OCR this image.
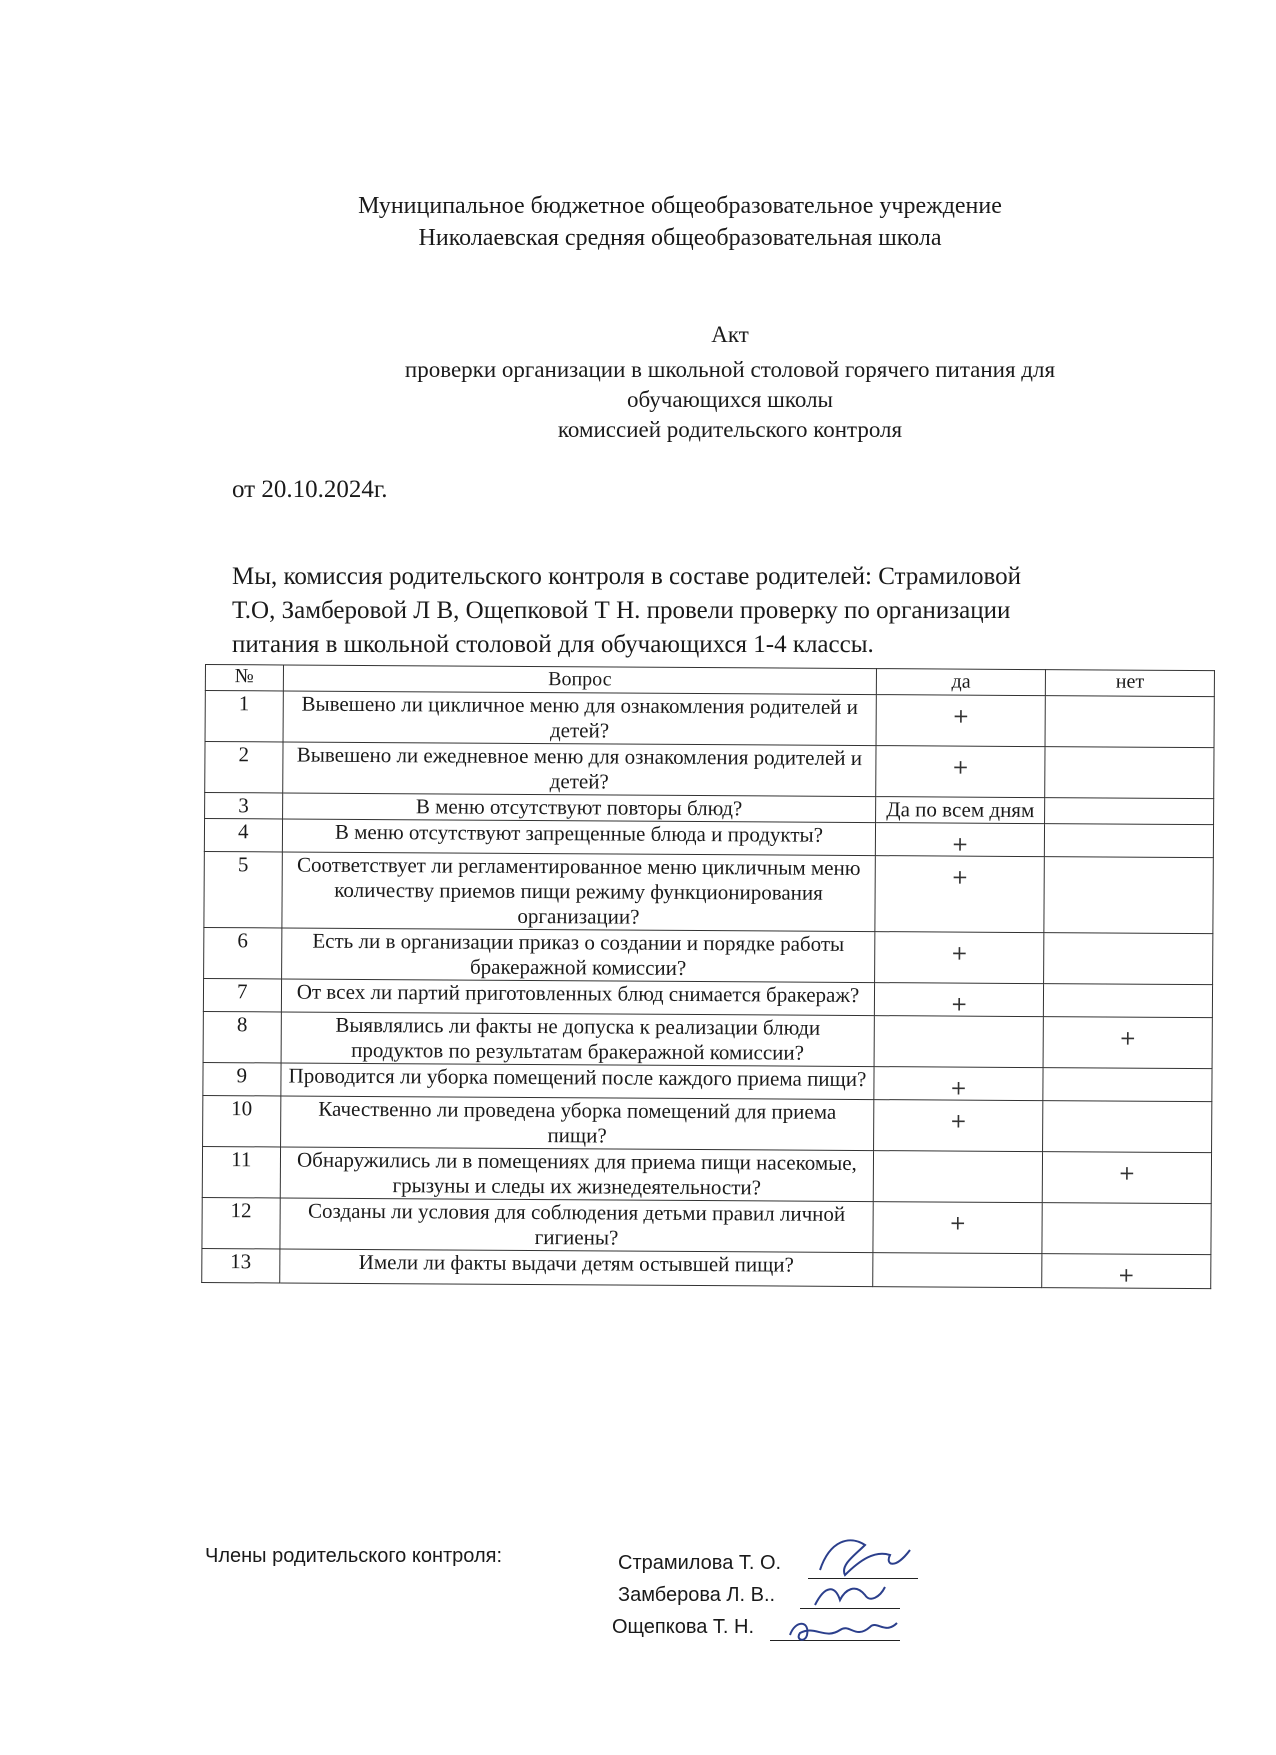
Муниципальное бюджетное общеобразовательное учреждение
Николаевская средняя общеобразовательная школа
Акт
проверки организации в школьной столовой горячего питания для
обучающихся школы
комиссией родительского контроля
от 20.10.2024г.
Мы, комиссия родительского контроля в составе родителей: Страмиловой
Т.О, Замберовой Л В, Ощепковой Т Н. провели проверку по организации
питания в школьной столовой для обучающихся 1-4 классы.
№	Вопрос	да	нет
1	Вывешено ли цикличное меню для ознакомления родителей и детей?	+	
2	Вывешено ли ежедневное меню для ознакомления родителей и детей?	+	
3	В меню отсутствуют повторы блюд?	Да по всем дням	
4	В меню отсутствуют запрещенные блюда и продукты?	+	
5	Соответствует ли регламентированное меню цикличным меню количеству приемов пищи режиму функционирования организации?	+	
6	Есть ли в организации приказ о создании и порядке работы бракеражной комиссии?	+	
7	От всех ли партий приготовленных блюд снимается бракераж?	+	
8	Выявлялись ли факты не допуска к реализации блюди продуктов по результатам бракеражной комиссии?		+
9	Проводится ли уборка помещений после каждого приема пищи?	+	
10	Качественно ли проведена уборка помещений для приема пищи?	+	
11	Обнаружились ли в помещениях для приема пищи насекомые, грызуны и следы их жизнедеятельности?		+
12	Созданы ли условия для соблюдения детьми правил личной гигиены?	+	
13	Имели ли факты выдачи детям остывшей пищи?		+
Члены родительского контроля:	Страмилова Т. О.
Замберова Л. В..
Ощепкова Т. Н.
